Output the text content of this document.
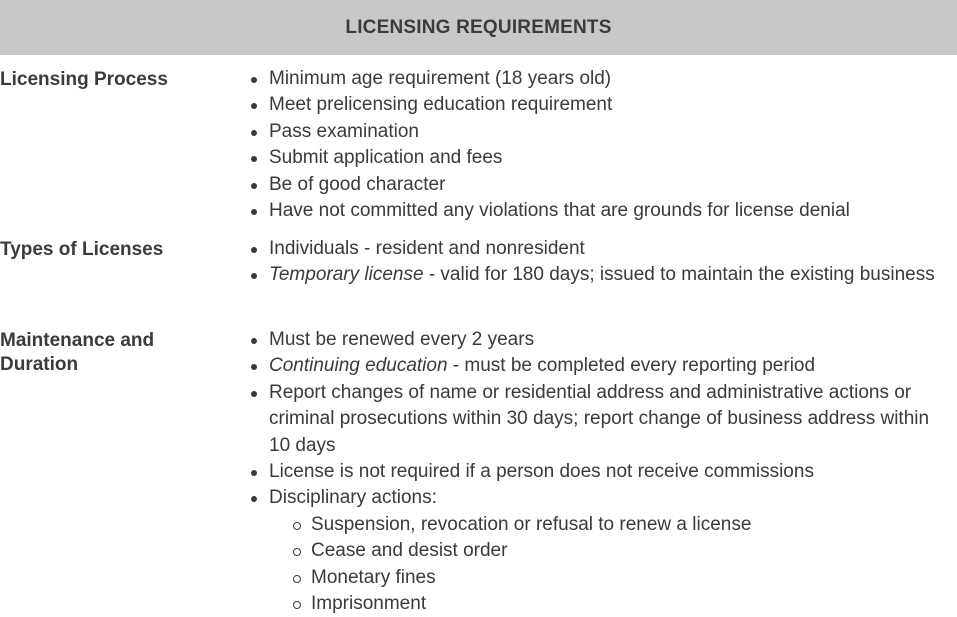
LICENSING REQUIREMENTS
Licensing Process	Minimum age requirement (18 years old)
Meet prelicensing education requirement
Pass examination
Submit application and fees
Be of good character
Have not committed any violations that are grounds for license denial
Types of Licenses	Individuals - resident and nonresident
Temporary license - valid for 180 days; issued to maintain the existing business
Maintenance and
Duration
Must be renewed every 2 years
Continuing education - must be completed every reporting period
Report changes of name or residential address and administrative actions or criminal prosecutions within 30 days; report change of business address within 10 days
License is not required if a person does not receive commissions
Disciplinary actions:
Suspension, revocation or refusal to renew a license
Cease and desist order
Monetary fines
Imprisonment
